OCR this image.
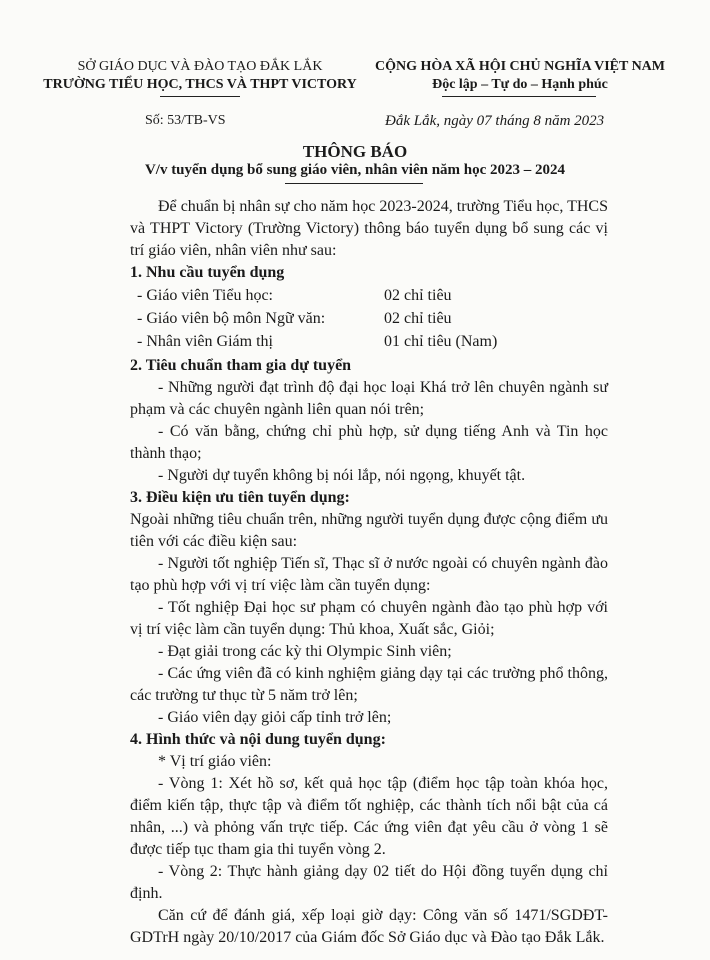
SỞ GIÁO DỤC VÀ ĐÀO TẠO ĐẮK LẮK
TRƯỜNG TIỂU HỌC, THCS VÀ THPT VICTORY
CỘNG HÒA XÃ HỘI CHỦ NGHĨA VIỆT NAM
Độc lập – Tự do – Hạnh phúc
Số: 53/TB-VS	Đắk Lắk, ngày 07 tháng 8 năm 2023
THÔNG BÁO
V/v tuyển dụng bổ sung giáo viên, nhân viên năm học 2023 – 2024

Để chuẩn bị nhân sự cho năm học 2023-2024, trường Tiểu học, THCS và THPT Victory (Trường Victory) thông báo tuyển dụng bổ sung các vị trí giáo viên, nhân viên như sau:

1. Nhu cầu tuyển dụng

- Giáo viên Tiểu học:	02 chỉ tiêu
- Giáo viên bộ môn Ngữ văn:	02 chỉ tiêu
- Nhân viên Giám thị	01 chỉ tiêu (Nam)

2. Tiêu chuẩn tham gia dự tuyển

- Những người đạt trình độ đại học loại Khá trở lên chuyên ngành sư phạm và các chuyên ngành liên quan nói trên;

- Có văn bằng, chứng chỉ phù hợp, sử dụng tiếng Anh và Tin học thành thạo;

- Người dự tuyển không bị nói lắp, nói ngọng, khuyết tật.

3. Điều kiện ưu tiên tuyển dụng:

Ngoài những tiêu chuẩn trên, những người tuyển dụng được cộng điểm ưu tiên với các điều kiện sau:

- Người tốt nghiệp Tiến sĩ, Thạc sĩ ở nước ngoài có chuyên ngành đào tạo phù hợp với vị trí việc làm cần tuyển dụng:

- Tốt nghiệp Đại học sư phạm có chuyên ngành đào tạo phù hợp với vị trí việc làm cần tuyển dụng: Thủ khoa, Xuất sắc, Giỏi;

- Đạt giải trong các kỳ thi Olympic Sinh viên;

- Các ứng viên đã có kinh nghiệm giảng dạy tại các trường phổ thông, các trường tư thục từ 5 năm trở lên;

- Giáo viên dạy giỏi cấp tỉnh trở lên;

4. Hình thức và nội dung tuyển dụng:

* Vị trí giáo viên:

- Vòng 1: Xét hồ sơ, kết quả học tập (điểm học tập toàn khóa học, điểm kiến tập, thực tập và điểm tốt nghiệp, các thành tích nổi bật của cá nhân, ...) và phỏng vấn trực tiếp. Các ứng viên đạt yêu cầu ở vòng 1 sẽ được tiếp tục tham gia thi tuyển vòng 2.

- Vòng 2: Thực hành giảng dạy 02 tiết do Hội đồng tuyển dụng chỉ định.

Căn cứ để đánh giá, xếp loại giờ dạy: Công văn số 1471/SGDĐT-GDTrH ngày 20/10/2017 của Giám đốc Sở Giáo dục và Đào tạo Đắk Lắk.
